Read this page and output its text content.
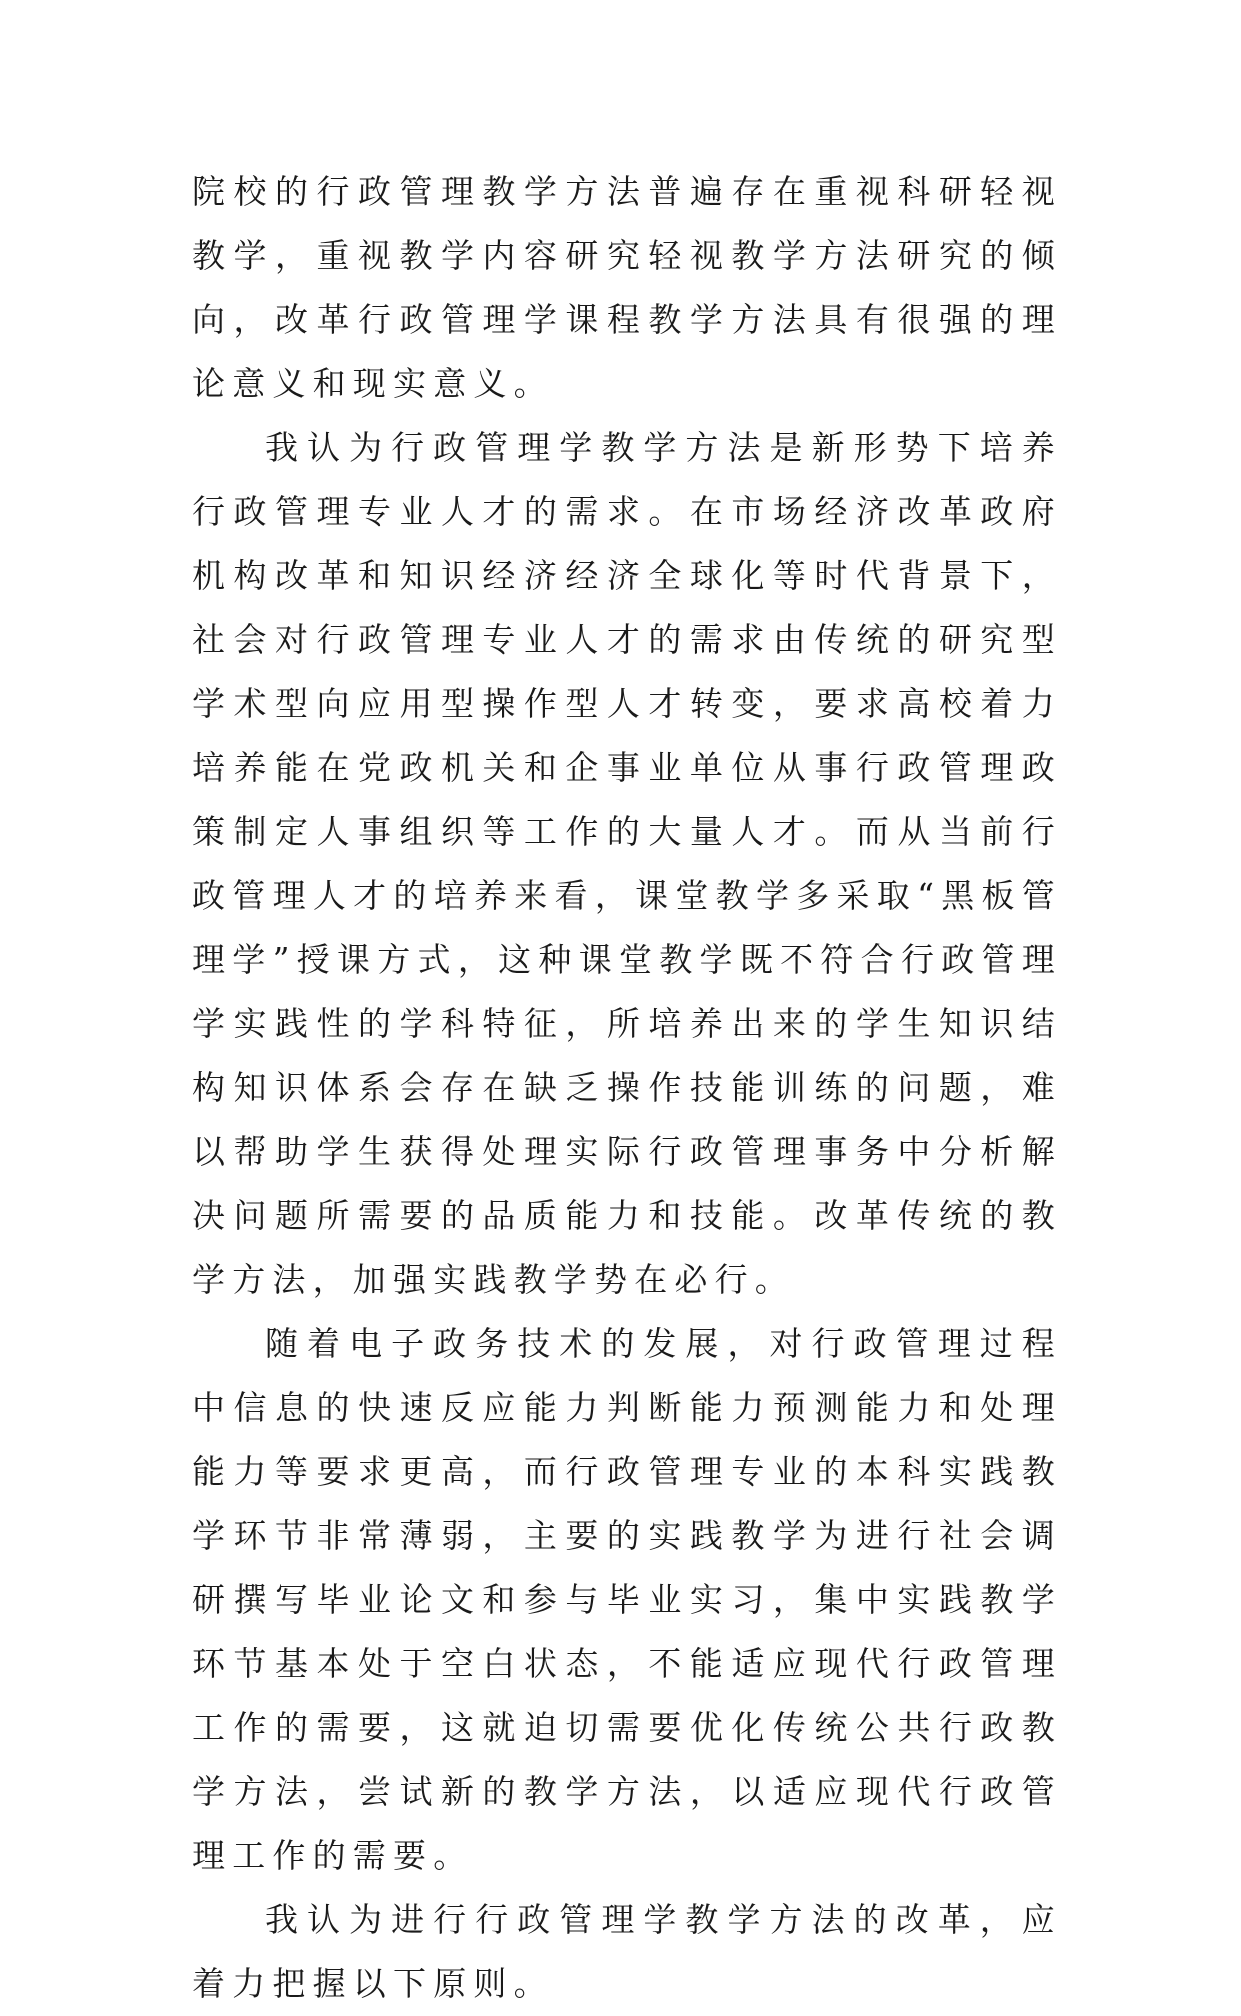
院校的行政管理教学方法普遍存在重视科研轻视教学，重视教学内容研究轻视教学方法研究的倾向，改革行政管理学课程教学方法具有很强的理论意义和现实意义。

我认为行政管理学教学方法是新形势下培养行政管理专业人才的需求。在市场经济改革政府机构改革和知识经济经济全球化等时代背景下，社会对行政管理专业人才的需求由传统的研究型学术型向应用型操作型人才转变，要求高校着力培养能在党政机关和企事业单位从事行政管理政策制定人事组织等工作的大量人才。而从当前行政管理人才的培养来看，课堂教学多采取“黑板管理学”授课方式，这种课堂教学既不符合行政管理学实践性的学科特征，所培养出来的学生知识结构知识体系会存在缺乏操作技能训练的问题，难以帮助学生获得处理实际行政管理事务中分析解决问题所需要的品质能力和技能。改革传统的教学方法，加强实践教学势在必行。

随着电子政务技术的发展，对行政管理过程中信息的快速反应能力判断能力预测能力和处理能力等要求更高，而行政管理专业的本科实践教学环节非常薄弱，主要的实践教学为进行社会调研撰写毕业论文和参与毕业实习，集中实践教学环节基本处于空白状态，不能适应现代行政管理工作的需要，这就迫切需要优化传统公共行政教学方法，尝试新的教学方法，以适应现代行政管理工作的需要。

我认为进行行政管理学教学方法的改革，应着力把握以下原则。
